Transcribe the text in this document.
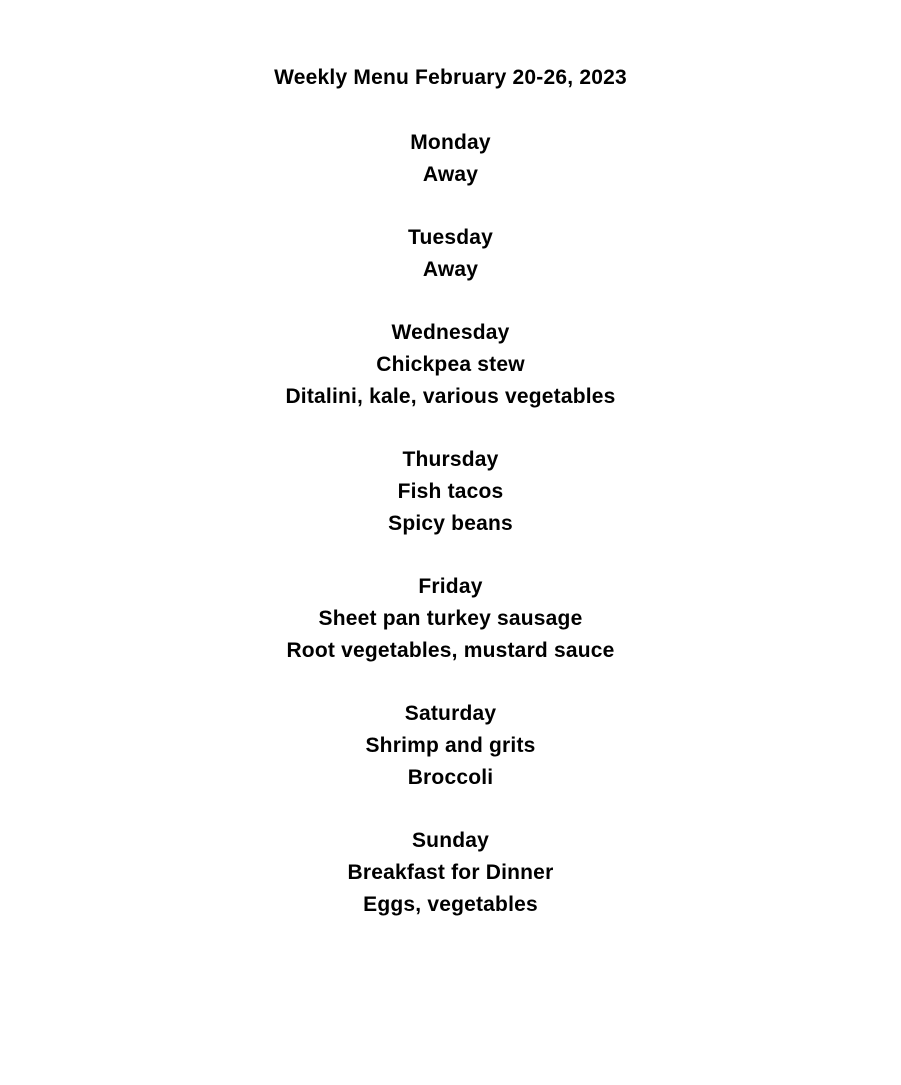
Weekly Menu February 20-26, 2023
Monday
Away
Tuesday
Away
Wednesday
Chickpea stew
Ditalini, kale, various vegetables
Thursday
Fish tacos
Spicy beans
Friday
Sheet pan turkey sausage
Root vegetables, mustard sauce
Saturday
Shrimp and grits
Broccoli
Sunday
Breakfast for Dinner
Eggs, vegetables
